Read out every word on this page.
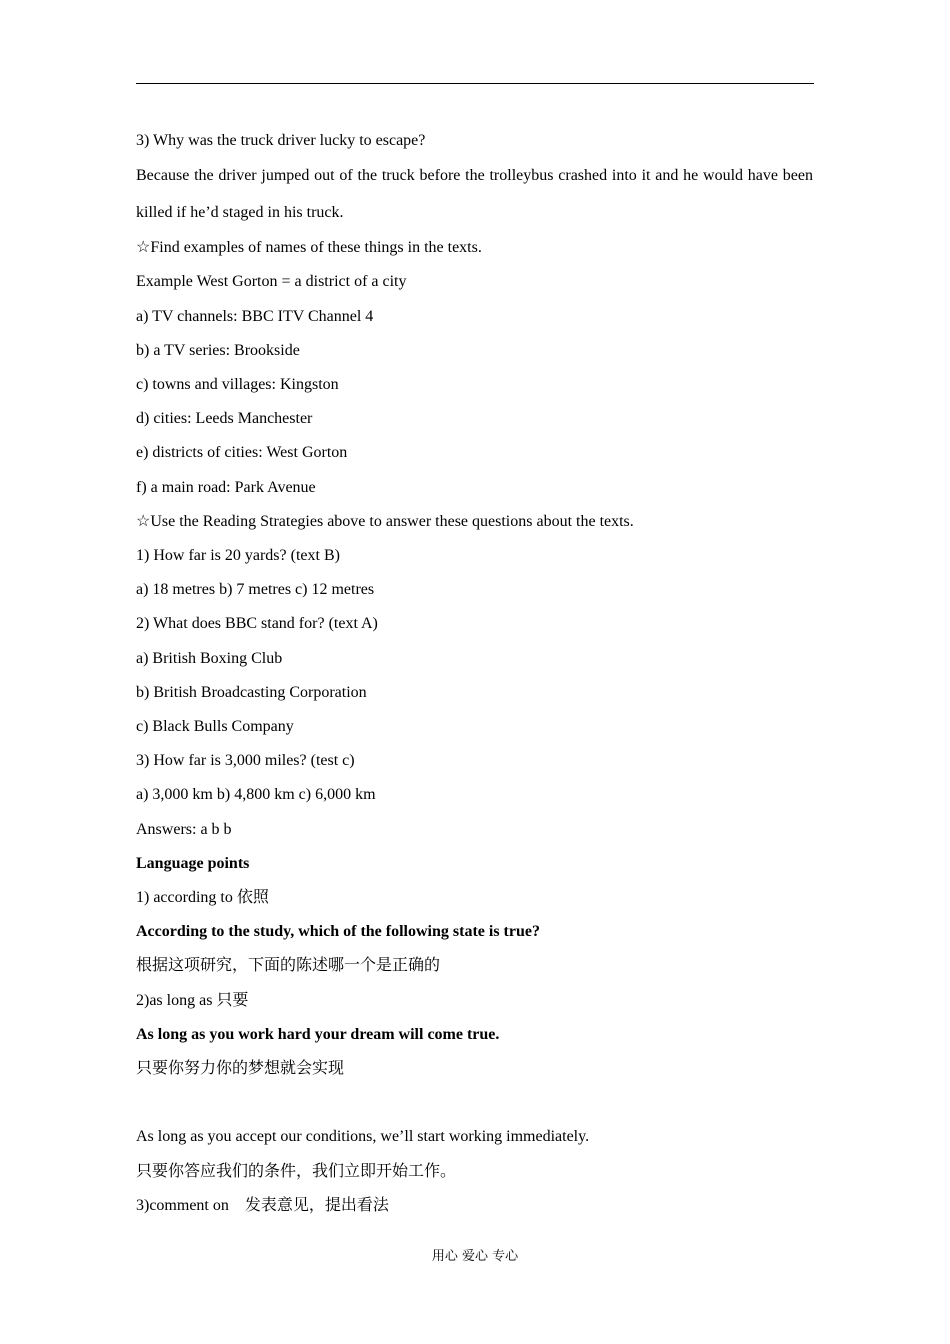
3) Why was the truck driver lucky to escape?

Because the driver jumped out of the truck before the trolleybus crashed into it and he would have been killed if he’d staged in his truck.

☆Find examples of names of these things in the texts.

Example West Gorton = a district of a city

a) TV channels: BBC ITV Channel 4

b) a TV series: Brookside

c) towns and villages: Kingston

d) cities: Leeds Manchester

e) districts of cities: West Gorton

f) a main road: Park Avenue

☆Use the Reading Strategies above to answer these questions about the texts.

1) How far is 20 yards? (text B)

a) 18 metres b) 7 metres c) 12 metres

2) What does BBC stand for? (text A)

a) British Boxing Club

b) British Broadcasting Corporation

c) Black Bulls Company

3) How far is 3,000 miles? (test c)

a) 3,000 km b) 4,800 km c) 6,000 km

Answers: a b b

Language points

1) according to 依照

According to the study, which of the following state is true?

根据这项研究，下面的陈述哪一个是正确的

2)as long as 只要

As long as you work hard your dream will come true.

只要你努力你的梦想就会实现

As long as you accept our conditions, we’ll start working immediately.

只要你答应我们的条件，我们立即开始工作。

3)comment on　发表意见，提出看法

用心 爱心 专心
